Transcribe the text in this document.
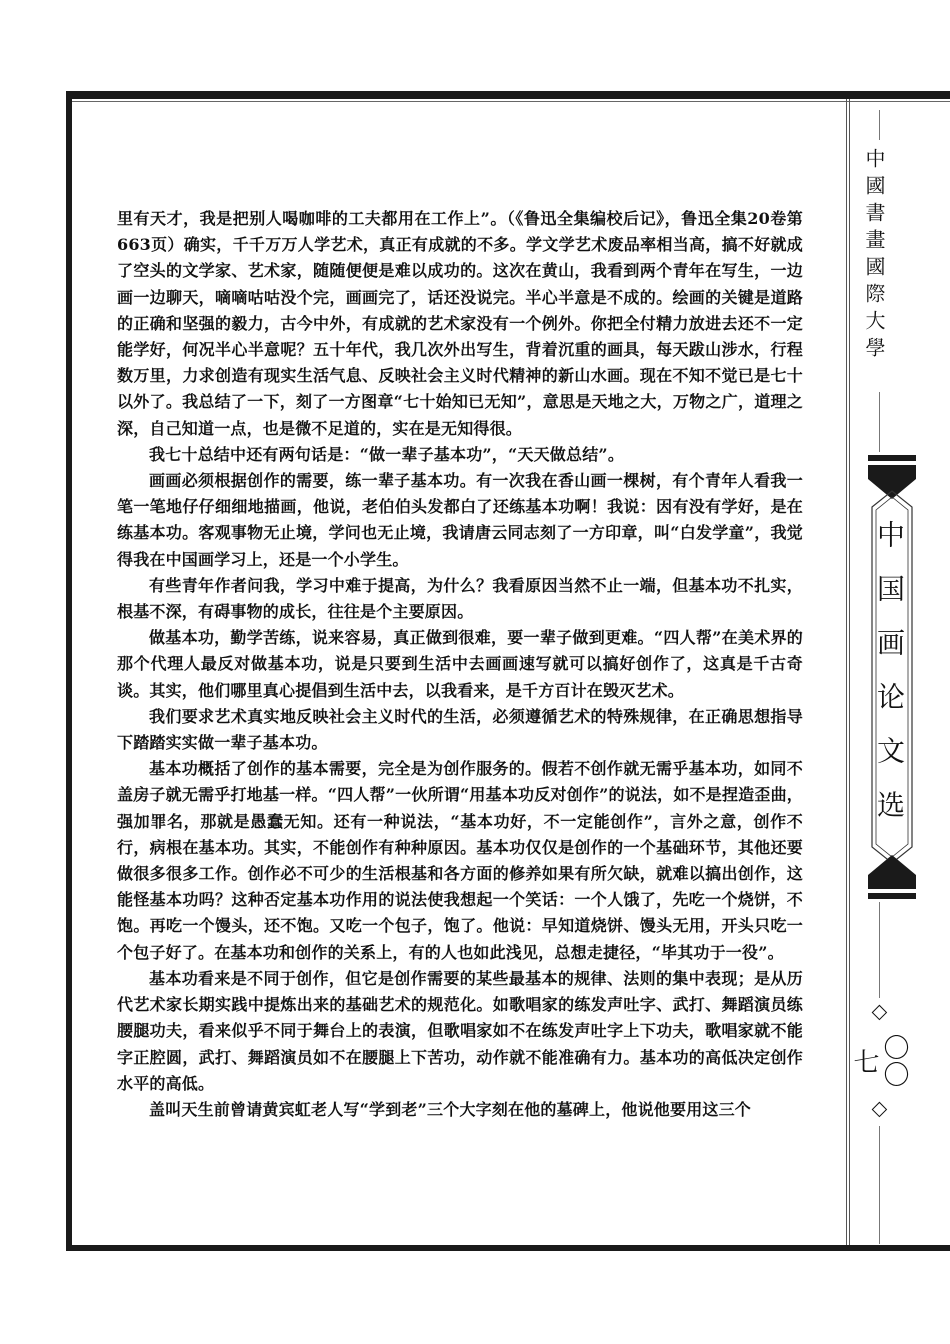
里有天才，我是把别人喝咖啡的工夫都用在工作上”。（《鲁迅全集编校后记》，鲁迅全集20卷第663页）确实，千千万万人学艺术，真正有成就的不多。学文学艺术废品率相当高，搞不好就成了空头的文学家、艺术家，随随便便是难以成功的。这次在黄山，我看到两个青年在写生，一边画一边聊天，嘀嘀咕咕没个完，画画完了，话还没说完。半心半意是不成的。绘画的关键是道路的正确和坚强的毅力，古今中外，有成就的艺术家没有一个例外。你把全付精力放进去还不一定能学好，何况半心半意呢？五十年代，我几次外出写生，背着沉重的画具，每天跋山涉水，行程数万里，力求创造有现实生活气息、反映社会主义时代精神的新山水画。现在不知不觉已是七十以外了。我总结了一下，刻了一方图章“七十始知已无知”，意思是天地之大，万物之广，道理之深，自己知道一点，也是微不足道的，实在是无知得很。

我七十总结中还有两句话是：“做一辈子基本功”，“天天做总结”。

画画必须根据创作的需要，练一辈子基本功。有一次我在香山画一棵树，有个青年人看我一笔一笔地仔仔细细地描画，他说，老伯伯头发都白了还练基本功啊！我说：因有没有学好，是在练基本功。客观事物无止境，学问也无止境，我请唐云同志刻了一方印章，叫“白发学童”，我觉得我在中国画学习上，还是一个小学生。

有些青年作者问我，学习中难于提高，为什么？我看原因当然不止一端，但基本功不扎实，根基不深，有碍事物的成长，往往是个主要原因。

做基本功，勤学苦练，说来容易，真正做到很难，要一辈子做到更难。“四人帮”在美术界的那个代理人最反对做基本功，说是只要到生活中去画画速写就可以搞好创作了，这真是千古奇谈。其实，他们哪里真心提倡到生活中去，以我看来，是千方百计在毁灭艺术。

我们要求艺术真实地反映社会主义时代的生活，必须遵循艺术的特殊规律，在正确思想指导下踏踏实实做一辈子基本功。

基本功概括了创作的基本需要，完全是为创作服务的。假若不创作就无需乎基本功，如同不盖房子就无需乎打地基一样。“四人帮”一伙所谓“用基本功反对创作”的说法，如不是捏造歪曲，强加罪名，那就是愚蠢无知。还有一种说法，“基本功好，不一定能创作”，言外之意，创作不行，病根在基本功。其实，不能创作有种种原因。基本功仅仅是创作的一个基础环节，其他还要做很多很多工作。创作必不可少的生活根基和各方面的修养如果有所欠缺，就难以搞出创作，这能怪基本功吗？这种否定基本功作用的说法使我想起一个笑话：一个人饿了，先吃一个烧饼，不饱。再吃一个馒头，还不饱。又吃一个包子，饱了。他说：早知道烧饼、馒头无用，开头只吃一个包子好了。在基本功和创作的关系上，有的人也如此浅见，总想走捷径，“毕其功于一役”。

基本功看来是不同于创作，但它是创作需要的某些最基本的规律、法则的集中表现；是从历代艺术家长期实践中提炼出来的基础艺术的规范化。如歌唱家的练发声吐字、武打、舞蹈演员练腰腿功夫，看来似乎不同于舞台上的表演，但歌唱家如不在练发声吐字上下功夫，歌唱家就不能字正腔圆，武打、舞蹈演员如不在腰腿上下苦功，动作就不能准确有力。基本功的高低决定创作水平的高低。

盖叫天生前曾请黄宾虹老人写“学到老”三个大字刻在他的墓碑上，他说他要用这三个

中國書畫國際大學
中国画论文选
〇〇七
